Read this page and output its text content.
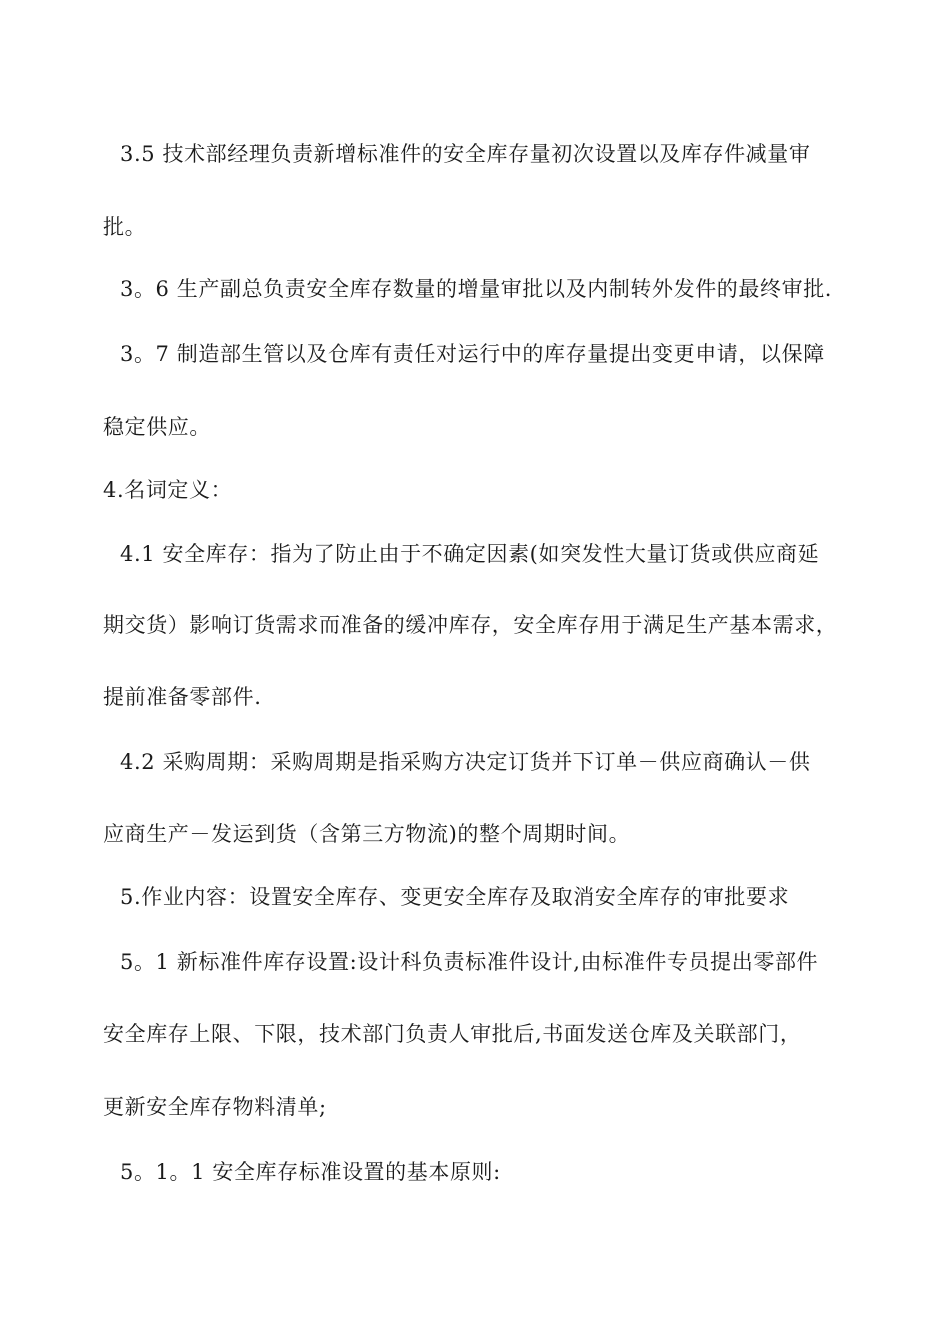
3.5 技术部经理负责新增标准件的安全库存量初次设置以及库存件减量审
批。
3。6 生产副总负责安全库存数量的增量审批以及内制转外发件的最终审批.
3。7 制造部生管以及仓库有责任对运行中的库存量提出变更申请，以保障
稳定供应。
4.名词定义：
4.1 安全库存：指为了防止由于不确定因素(如突发性大量订货或供应商延
期交货）影响订货需求而准备的缓冲库存，安全库存用于满足生产基本需求，
提前准备零部件.
4.2 采购周期：采购周期是指采购方决定订货并下订单－供应商确认－供
应商生产－发运到货（含第三方物流)的整个周期时间。
5.作业内容：设置安全库存、变更安全库存及取消安全库存的审批要求
5。1 新标准件库存设置:设计科负责标准件设计,由标准件专员提出零部件
安全库存上限、下限，技术部门负责人审批后,书面发送仓库及关联部门，
更新安全库存物料清单;
5。1。1 安全库存标准设置的基本原则:
